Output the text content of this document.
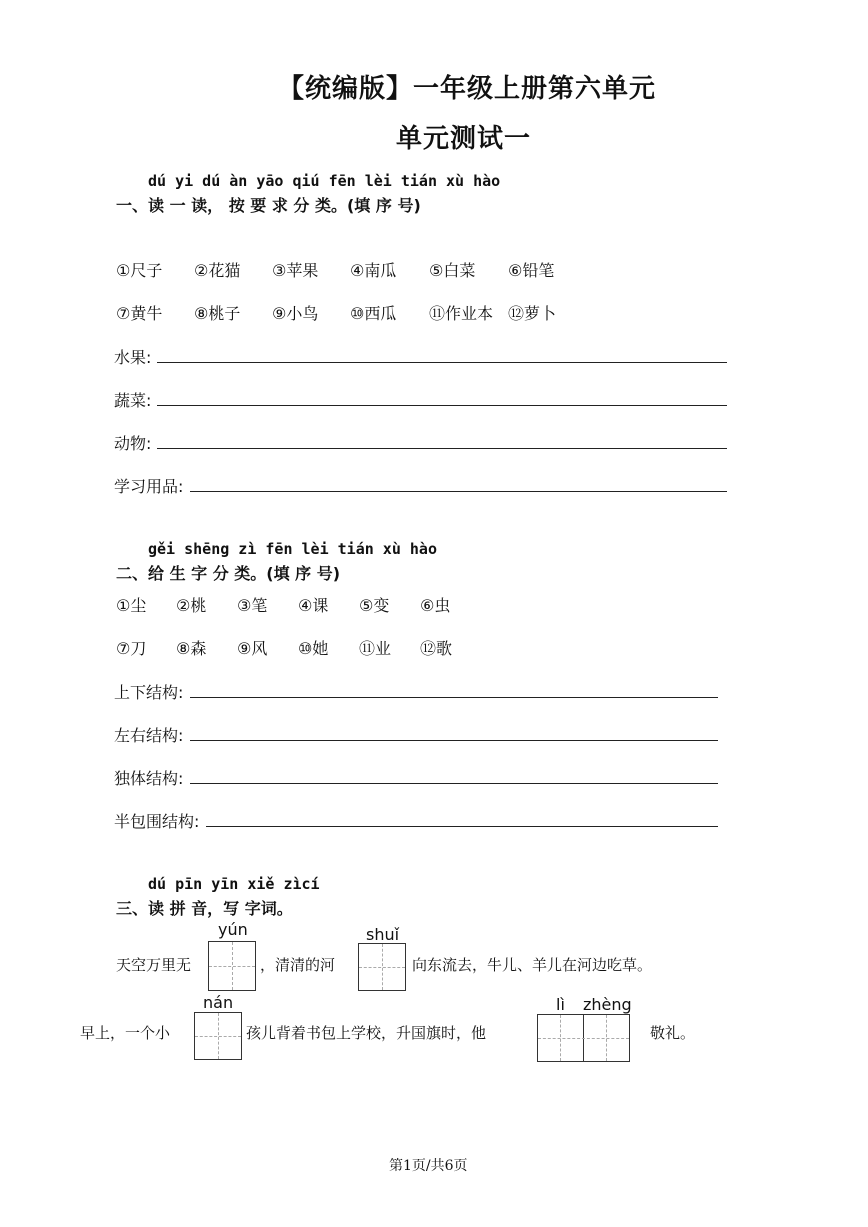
【统编版】一年级上册第六单元
单元测试一
dú yi dú àn yāo qiú fēn lèi tián xù hào
一、读 一 读， 按 要 求 分 类。(填 序 号)
①尺子 ②花猫 ③苹果 ④南瓜 ⑤白菜 ⑥铅笔
⑦黄牛 ⑧桃子 ⑨小鸟 ⑩西瓜 ⑪作业本 ⑫萝卜
水果:
蔬菜:
动物:
学习用品:
gěi shēng zì fēn lèi tián xù hào
二、给 生 字 分 类。(填 序 号)
①尘 ②桃 ③笔 ④课 ⑤变 ⑥虫
⑦刀 ⑧森 ⑨风 ⑩她 ⑪业 ⑫歌
上下结构:
左右结构:
独体结构:
半包围结构:
dú pīn yīn xiě zìcí
三、读 拼 音，写 字词。
天空万里无
yún
，清清的河
shuǐ
向东流去，牛儿、羊儿在河边吃草。
早上，一个小
nán
孩儿背着书包上学校，升国旗时，他
lì zhèng
敬礼。
第1页/共6页
